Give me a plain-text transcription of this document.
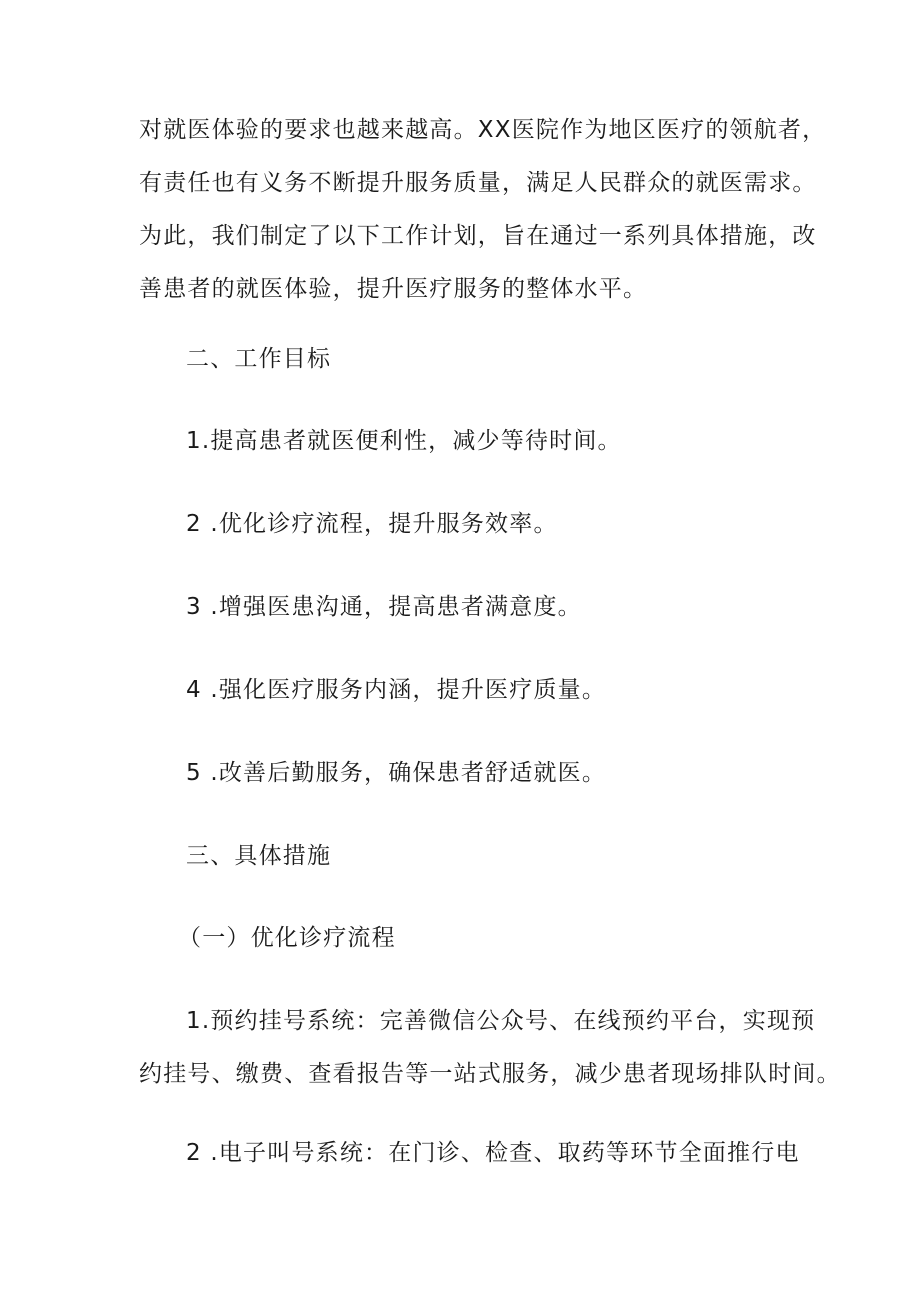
对就医体验的要求也越来越高。XX医院作为地区医疗的领航者，
有责任也有义务不断提升服务质量，满足人民群众的就医需求。
为此，我们制定了以下工作计划，旨在通过一系列具体措施，改
善患者的就医体验，提升医疗服务的整体水平。
二、工作目标
1.提高患者就医便利性，减少等待时间。
2 .优化诊疗流程，提升服务效率。
3 .增强医患沟通，提高患者满意度。
4 .强化医疗服务内涵，提升医疗质量。
5 .改善后勤服务，确保患者舒适就医。
三、具体措施
（一）优化诊疗流程
1.预约挂号系统：完善微信公众号、在线预约平台，实现预
约挂号、缴费、查看报告等一站式服务，减少患者现场排队时间。
2 .电子叫号系统：在门诊、检查、取药等环节全面推行电
